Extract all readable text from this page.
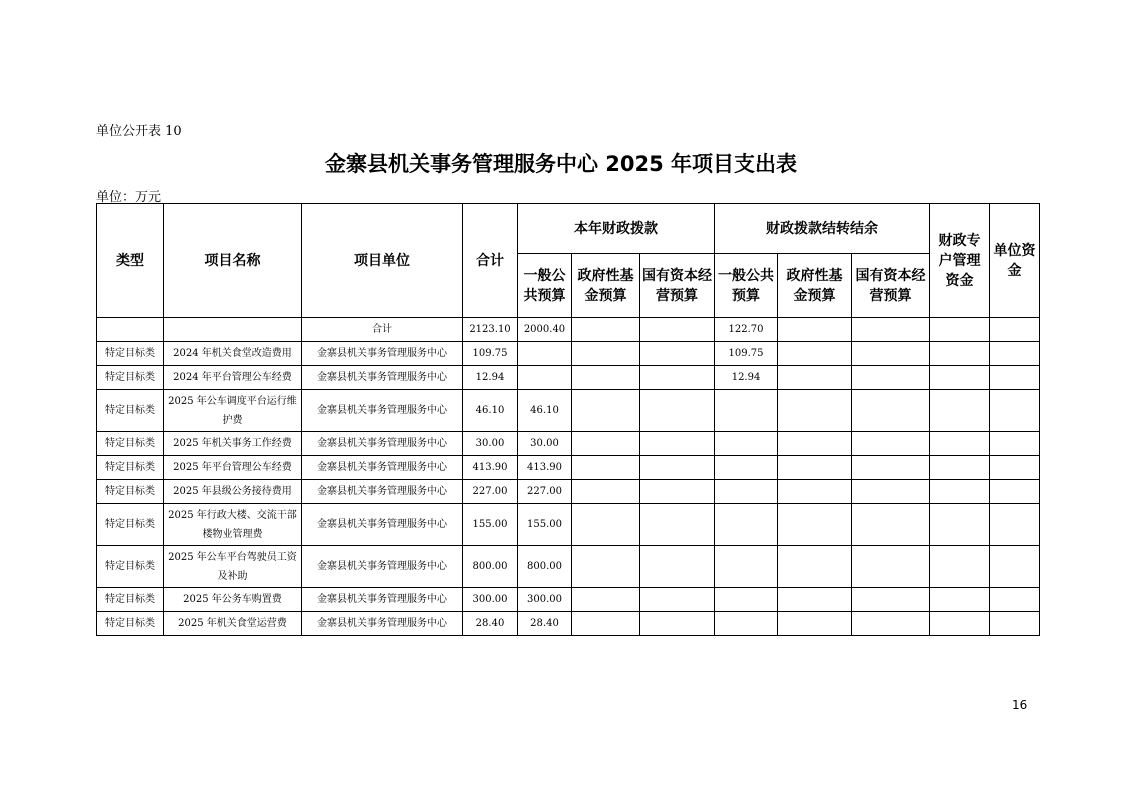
单位公开表 10
金寨县机关事务管理服务中心 2025 年项目支出表
单位：万元
类型	项目名称	项目单位	合计	本年财政拨款			财政拨款结转结余			财政专户管理资金	单位资金
				一般公共预算	政府性基金预算	国有资本经营预算	一般公共预算	政府性基金预算	国有资本经营预算		
		合计	2123.10	2000.40			122.70				
特定目标类	2024 年机关食堂改造费用	金寨县机关事务管理服务中心	109.75				109.75				
特定目标类	2024 年平台管理公车经费	金寨县机关事务管理服务中心	12.94				12.94				
特定目标类	2025 年公车调度平台运行维护费	金寨县机关事务管理服务中心	46.10	46.10							
特定目标类	2025 年机关事务工作经费	金寨县机关事务管理服务中心	30.00	30.00							
特定目标类	2025 年平台管理公车经费	金寨县机关事务管理服务中心	413.90	413.90							
特定目标类	2025 年县级公务接待费用	金寨县机关事务管理服务中心	227.00	227.00							
特定目标类	2025 年行政大楼、交流干部楼物业管理费	金寨县机关事务管理服务中心	155.00	155.00							
特定目标类	2025 年公车平台驾驶员工资及补助	金寨县机关事务管理服务中心	800.00	800.00							
特定目标类	2025 年公务车购置费	金寨县机关事务管理服务中心	300.00	300.00							
特定目标类	2025 年机关食堂运营费	金寨县机关事务管理服务中心	28.40	28.40							
16
